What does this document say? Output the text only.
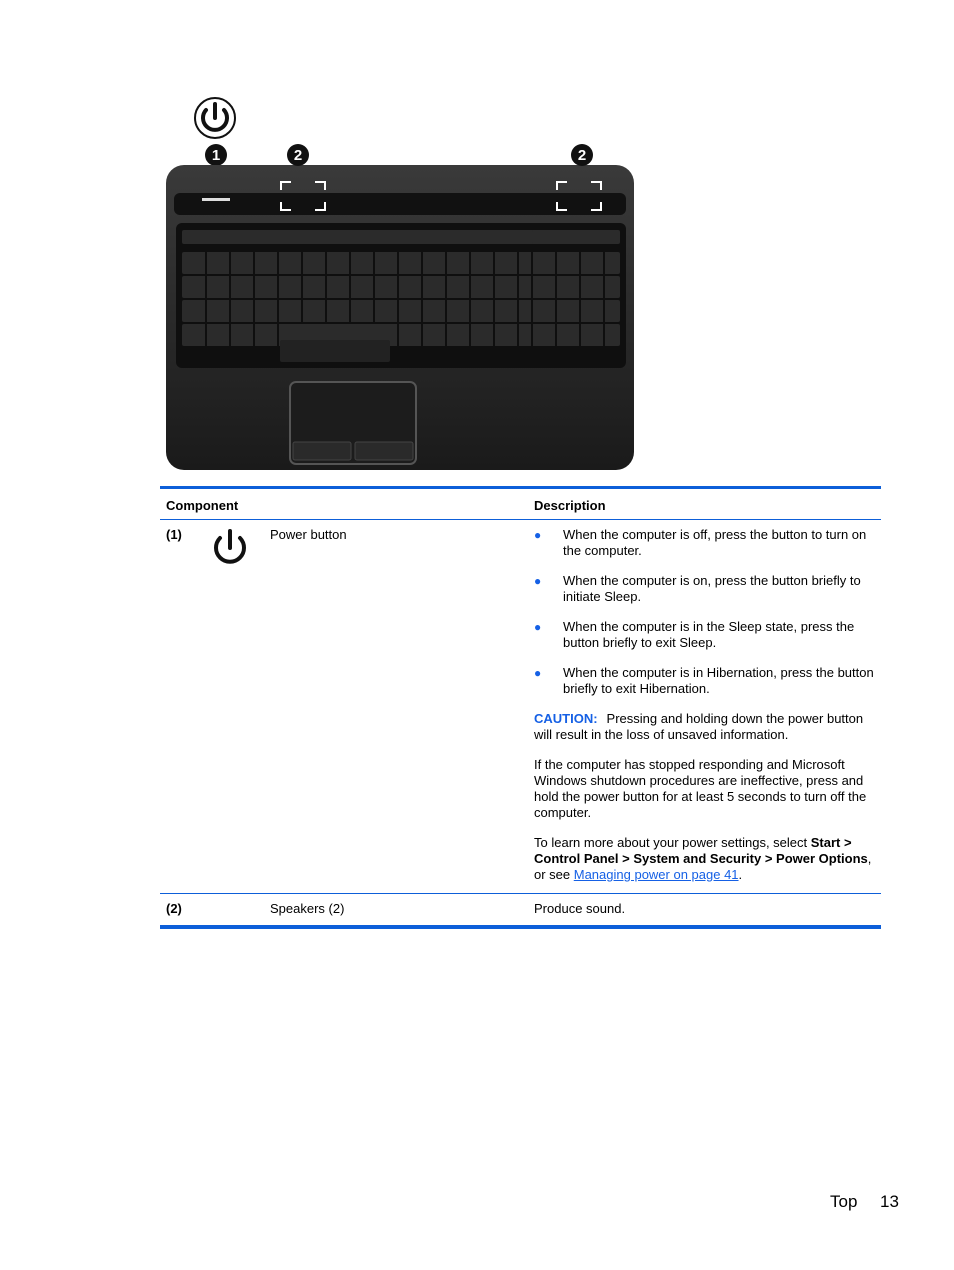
1	2	2
Component	Description
(1)	Power button	● When the computer is off, press the button to turn on the computer.
● When the computer is on, press the button briefly to initiate Sleep.
● When the computer is in the Sleep state, press the button briefly to exit Sleep.
● When the computer is in Hibernation, press the button briefly to exit Hibernation.

CAUTION: Pressing and holding down the power button will result in the loss of unsaved information.

If the computer has stopped responding and Microsoft Windows shutdown procedures are ineffective, press and hold the power button for at least 5 seconds to turn off the computer.

To learn more about your power settings, select Start > Control Panel > System and Security > Power Options, or see Managing power on page 41.

(2)	Speakers (2)	Produce sound.
Top 13
